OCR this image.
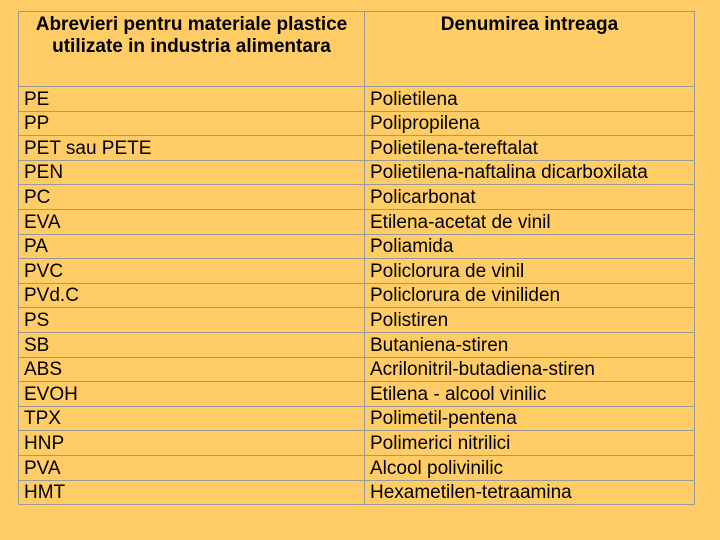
Abrevieri pentru materiale plastice utilizate in industria alimentara	Denumirea intreaga
PE	Polietilena
PP	Polipropilena
PET sau PETE	Polietilena-tereftalat
PEN	Polietilena-naftalina dicarboxilata
PC	Policarbonat
EVA	Etilena-acetat de vinil
PA	Poliamida
PVC	Policlorura de vinil
PVd.C	Policlorura de viniliden
PS	Polistiren
SB	Butaniena-stiren
ABS	Acrilonitril-butadiena-stiren
EVOH	Etilena - alcool vinilic
TPX	Polimetil-pentena
HNP	Polimerici nitrilici
PVA	Alcool polivinilic
HMT	Hexametilen-tetraamina
